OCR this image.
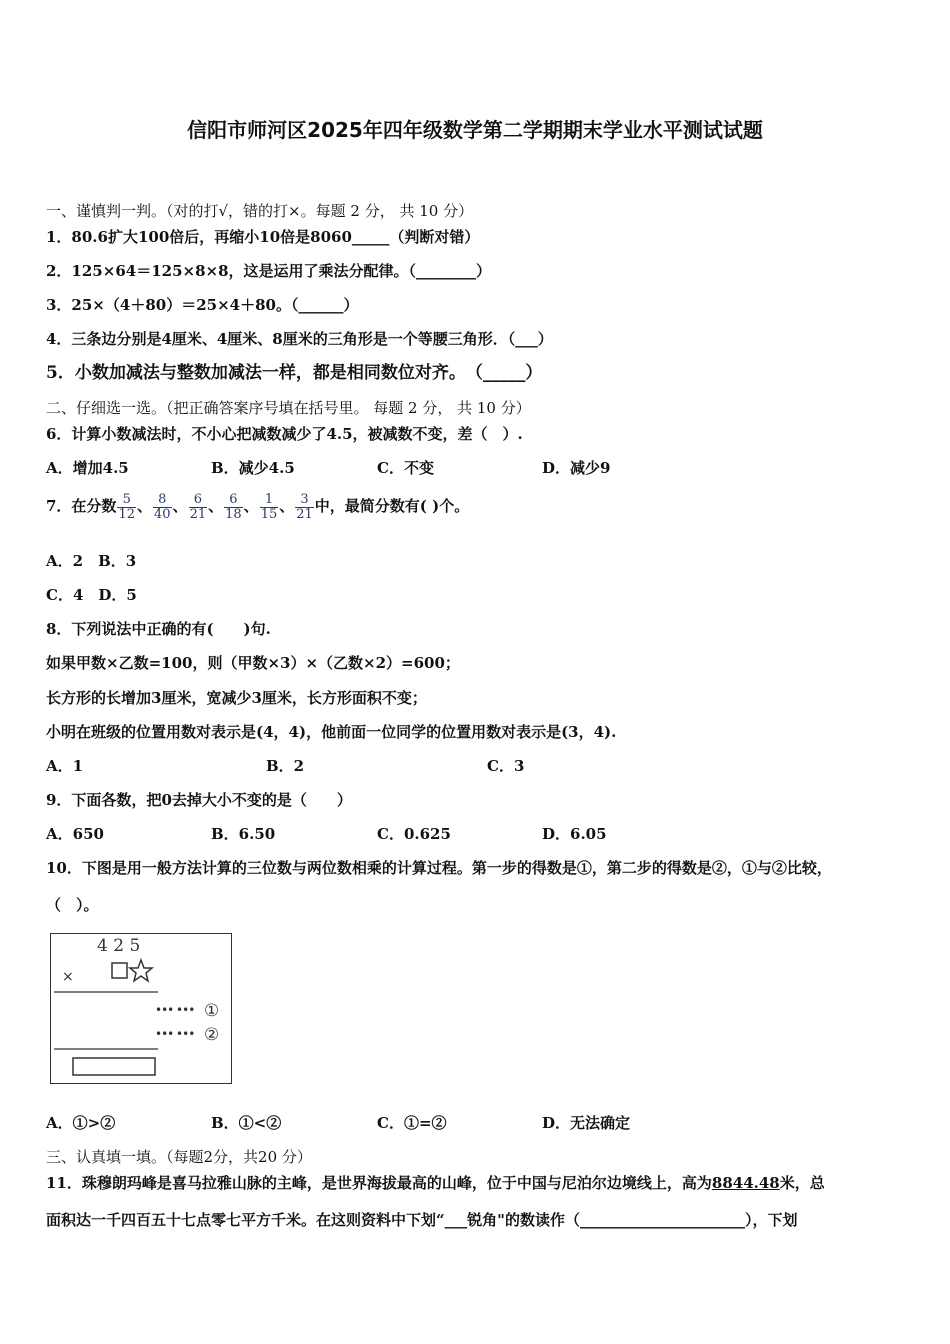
信阳市师河区2025年四年级数学第二学期期末学业水平测试试题
一、谨慎判一判。（对的打√，错的打×。每题 2 分， 共 10 分）
1．80.6扩大100倍后，再缩小10倍是8060_____（判断对错）
2．125×64＝125×8×8，这是运用了乘法分配律。（________）
3．25×（4＋80）＝25×4＋80。（______）
4．三条边分别是4厘米、4厘米、8厘米的三角形是一个等腰三角形．（___）
5．小数加减法与整数加减法一样，都是相同数位对齐。　（_____）
二、仔细选一选。（把正确答案序号填在括号里。 每题 2 分， 共 10 分）
6．计算小数减法时，不小心把减数减少了4.5，被减数不变，差（　）.
A．增加4.5	B．减少4.5	C．不变	D．减少9
7．在分数 $\frac{5}{12}$ 、 $\frac{8}{40}$ 、 $\frac{6}{21}$ 、 $\frac{6}{18}$ 、 $\frac{1}{15}$ 、 $\frac{3}{21}$ 中，最简分数有( )个。
A．2　B．3
C．4　D．5
8．下列说法中正确的有(　　)句.
如果甲数×乙数=100，则（甲数×3）×（乙数×2）=600；
长方形的长增加3厘米，宽减少3厘米，长方形面积不变；
小明在班级的位置用数对表示是(4，4)，他前面一位同学的位置用数对表示是(3，4).
A．1	B．2	C．3
9．下面各数，把0去掉大小不变的是（　　）
A．650	B．6.50	C．0.625	D．6.05
10．下图是用一般方法计算的三位数与两位数相乘的计算过程。第一步的得数是①，第二步的得数是②，①与②比较，
（　）。
4 2 5
×
••• ••• ①
••• ••• ②
A．①>②	B．①<②	C．①=②	D．无法确定
三、认真填一填。（每题2分，共20 分）
11．珠穆朗玛峰是喜马拉雅山脉的主峰，是世界海拔最高的山峰，位于中国与尼泊尔边境线上，高为8844.48米，总
面积达一千四百五十七点零七平方千米。在这则资料中下划“___锐角"的数读作（______________________），下划
